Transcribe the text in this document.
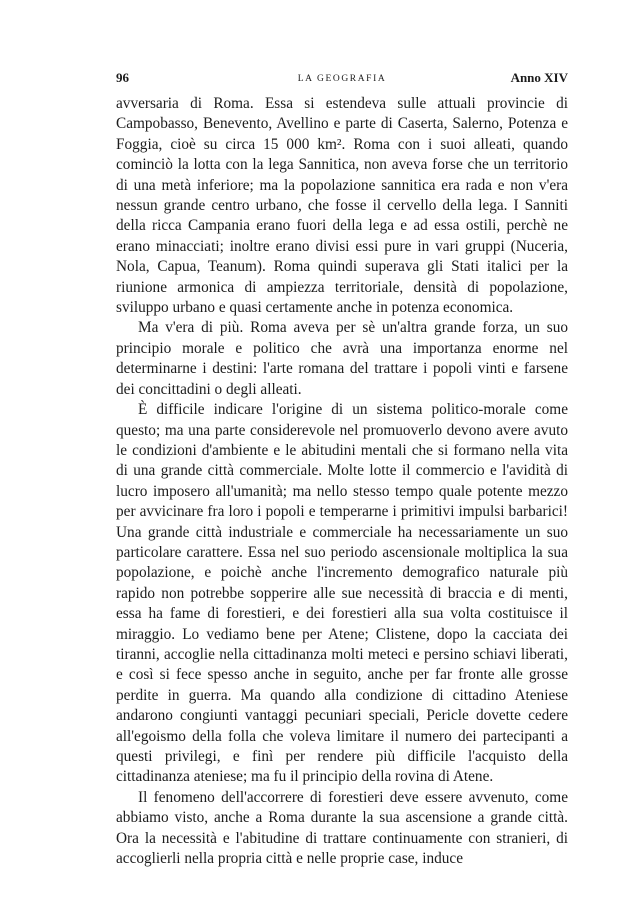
96	LA GEOGRAFIA	Anno XIV

avversaria di Roma. Essa si estendeva sulle attuali provincie di Campobasso, Benevento, Avellino e parte di Caserta, Salerno, Potenza e Foggia, cioè su circa 15 000 km². Roma con i suoi alleati, quando cominciò la lotta con la lega Sannitica, non aveva forse che un territorio di una metà inferiore; ma la popolazione sannitica era rada e non v'era nessun grande centro urbano, che fosse il cervello della lega. I Sanniti della ricca Campania erano fuori della lega e ad essa ostili, perchè ne erano minacciati; inoltre erano divisi essi pure in vari gruppi (Nuceria, Nola, Capua, Teanum). Roma quindi superava gli Stati italici per la riunione armonica di ampiezza territoriale, densità di popolazione, sviluppo urbano e quasi certamente anche in potenza economica.

Ma v'era di più. Roma aveva per sè un'altra grande forza, un suo principio morale e politico che avrà una importanza enorme nel determinarne i destini: l'arte romana del trattare i popoli vinti e farsene dei concittadini o degli alleati.

È difficile indicare l'origine di un sistema politico-morale come questo; ma una parte considerevole nel promuoverlo devono avere avuto le condizioni d'ambiente e le abitudini mentali che si formano nella vita di una grande città commerciale. Molte lotte il commercio e l'avidità di lucro imposero all'umanità; ma nello stesso tempo quale potente mezzo per avvicinare fra loro i popoli e temperarne i primitivi impulsi barbarici! Una grande città industriale e commerciale ha necessariamente un suo particolare carattere. Essa nel suo periodo ascensionale moltiplica la sua popolazione, e poichè anche l'incremento demografico naturale più rapido non potrebbe sopperire alle sue necessità di braccia e di menti, essa ha fame di forestieri, e dei forestieri alla sua volta costituisce il miraggio. Lo vediamo bene per Atene; Clistene, dopo la cacciata dei tiranni, accoglie nella cittadinanza molti meteci e persino schiavi liberati, e così si fece spesso anche in seguito, anche per far fronte alle grosse perdite in guerra. Ma quando alla condizione di cittadino Ateniese andarono congiunti vantaggi pecuniari speciali, Pericle dovette cedere all'egoismo della folla che voleva limitare il numero dei partecipanti a questi privilegi, e finì per rendere più difficile l'acquisto della cittadinanza ateniese; ma fu il principio della rovina di Atene.

Il fenomeno dell'accorrere di forestieri deve essere avvenuto, come abbiamo visto, anche a Roma durante la sua ascensione a grande città. Ora la necessità e l'abitudine di trattare continuamente con stranieri, di accoglierli nella propria città e nelle proprie case, induce
